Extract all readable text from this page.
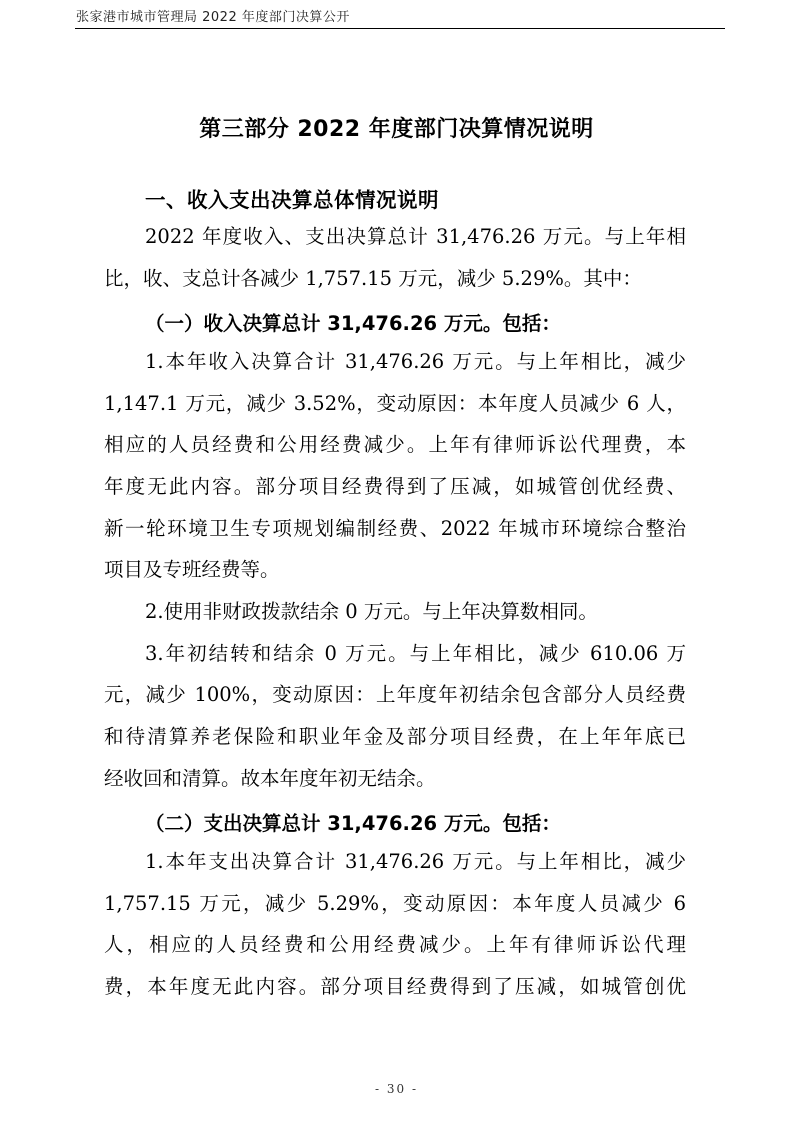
张家港市城市管理局 2022 年度部门决算公开
第三部分 2022 年度部门决算情况说明
一、收入支出决算总体情况说明
2022 年度收入、支出决算总计 31,476.26 万元。与上年相
比，收、支总计各减少 1,757.15 万元，减少 5.29%。其中：
（一）收入决算总计 31,476.26 万元。包括：
1.本年收入决算合计 31,476.26 万元。与上年相比，减少
1,147.1 万元，减少 3.52%，变动原因：本年度人员减少 6 人，
相应的人员经费和公用经费减少。上年有律师诉讼代理费，本
年度无此内容。部分项目经费得到了压减，如城管创优经费、
新一轮环境卫生专项规划编制经费、2022 年城市环境综合整治
项目及专班经费等。
2.使用非财政拨款结余 0 万元。与上年决算数相同。
3.年初结转和结余 0 万元。与上年相比，减少 610.06 万
元，减少 100%，变动原因：上年度年初结余包含部分人员经费
和待清算养老保险和职业年金及部分项目经费，在上年年底已
经收回和清算。故本年度年初无结余。
（二）支出决算总计 31,476.26 万元。包括：
1.本年支出决算合计 31,476.26 万元。与上年相比，减少
1,757.15 万元，减少 5.29%，变动原因：本年度人员减少 6
人，相应的人员经费和公用经费减少。上年有律师诉讼代理
费，本年度无此内容。部分项目经费得到了压减，如城管创优
- 30 -
